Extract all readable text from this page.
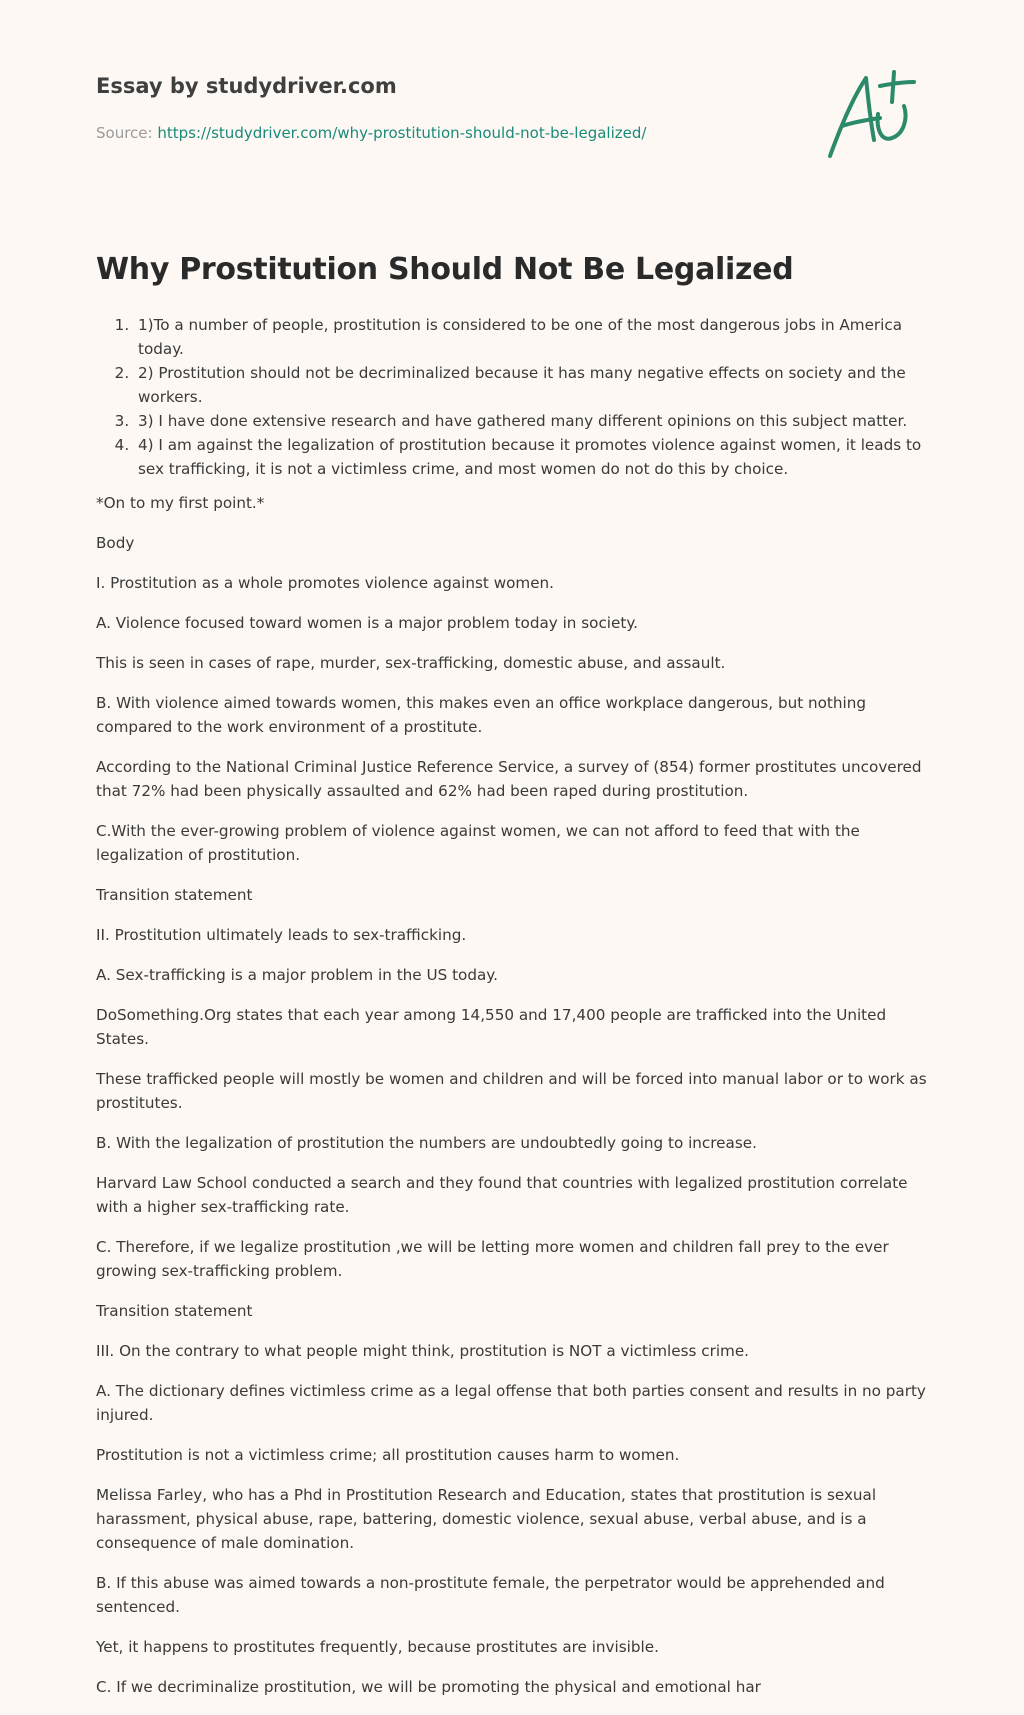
Essay by studydriver.com
Source: https://studydriver.com/why-prostitution-should-not-be-legalized/
Why Prostitution Should Not Be Legalized
1. 1)To a number of people, prostitution is considered to be one of the most dangerous jobs in America today.
2. 2) Prostitution should not be decriminalized because it has many negative effects on society and the workers.
3. 3) I have done extensive research and have gathered many different opinions on this subject matter.
4. 4) I am against the legalization of prostitution because it promotes violence against women, it leads to sex trafficking, it is not a victimless crime, and most women do not do this by choice.

*On to my first point.*

Body

I. Prostitution as a whole promotes violence against women.

A. Violence focused toward women is a major problem today in society.

This is seen in cases of rape, murder, sex-trafficking, domestic abuse, and assault.

B. With violence aimed towards women, this makes even an office workplace dangerous, but nothing compared to the work environment of a prostitute.

According to the National Criminal Justice Reference Service, a survey of (854) former prostitutes uncovered that 72% had been physically assaulted and 62% had been raped during prostitution.

C.With the ever-growing problem of violence against women, we can not afford to feed that with the legalization of prostitution.

Transition statement

II. Prostitution ultimately leads to sex-trafficking.

A. Sex-trafficking is a major problem in the US today.

DoSomething.Org states that each year among 14,550 and 17,400 people are trafficked into the United States.

These trafficked people will mostly be women and children and will be forced into manual labor or to work as prostitutes.

B. With the legalization of prostitution the numbers are undoubtedly going to increase.

Harvard Law School conducted a search and they found that countries with legalized prostitution correlate with a higher sex-trafficking rate.

C. Therefore, if we legalize prostitution ,we will be letting more women and children fall prey to the ever growing sex-trafficking problem.

Transition statement

III. On the contrary to what people might think, prostitution is NOT a victimless crime.

A. The dictionary defines victimless crime as a legal offense that both parties consent and results in no party injured.

Prostitution is not a victimless crime; all prostitution causes harm to women.

Melissa Farley, who has a Phd in Prostitution Research and Education, states that prostitution is sexual harassment, physical abuse, rape, battering, domestic violence, sexual abuse, verbal abuse, and is a consequence of male domination.

B. If this abuse was aimed towards a non-prostitute female, the perpetrator would be apprehended and sentenced.

Yet, it happens to prostitutes frequently, because prostitutes are invisible.

C. If we decriminalize prostitution, we will be promoting the physical and emotional har
